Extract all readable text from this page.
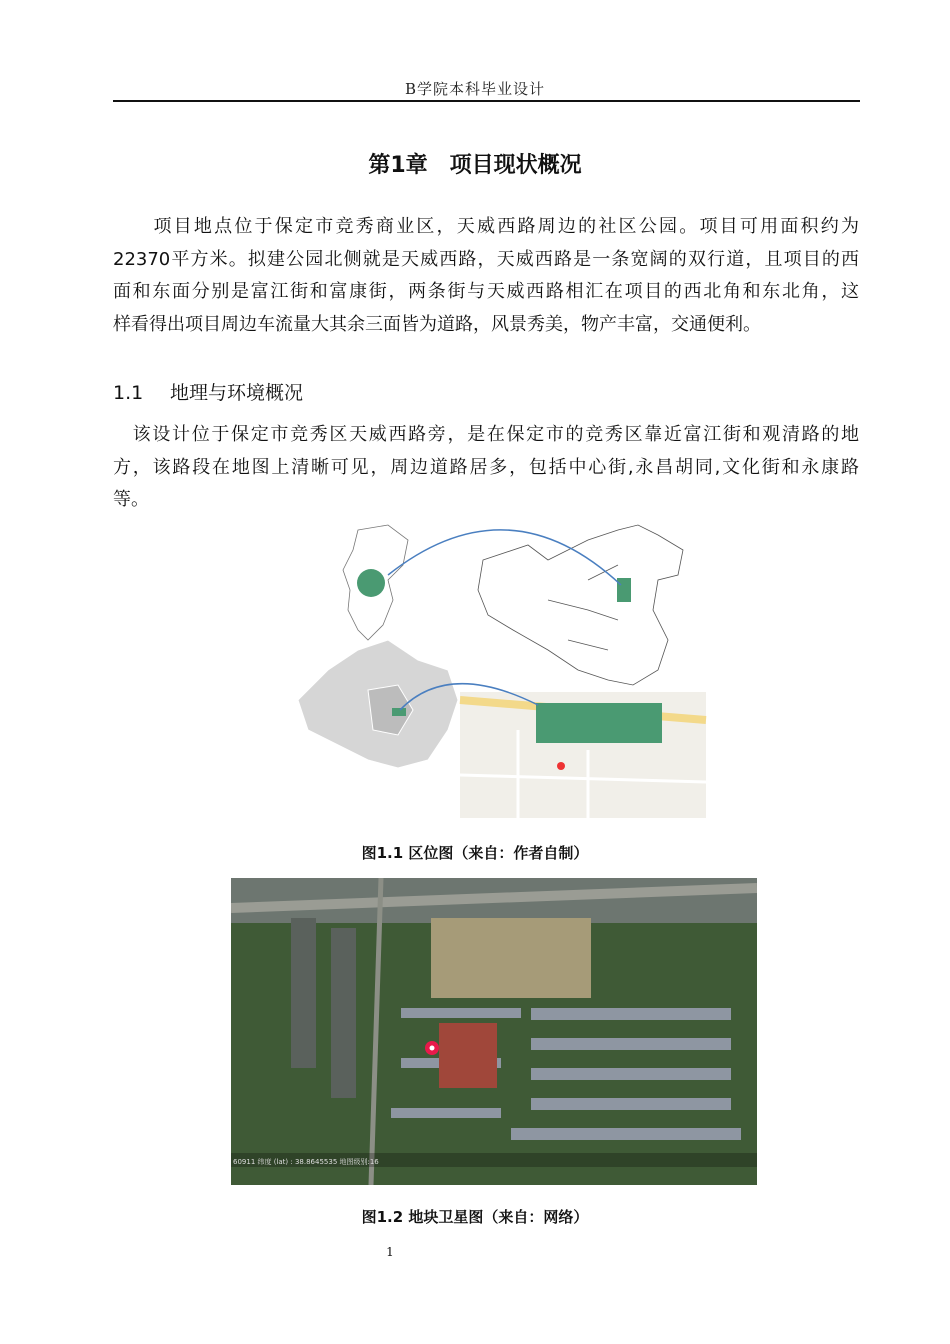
B学院本科毕业设计
第1章　项目现状概况
　　项目地点位于保定市竞秀商业区，天威西路周边的社区公园。项目可用面积约为
22370平方米。拟建公园北侧就是天威西路，天威西路是一条宽阔的双行道，且项目的西
面和东面分别是富江街和富康街，两条街与天威西路相汇在项目的西北角和东北角，这
样看得出项目周边车流量大其余三面皆为道路，风景秀美，物产丰富，交通便利。
1.1 地理与环境概况
　该设计位于保定市竞秀区天威西路旁，是在保定市的竞秀区靠近富江街和观清路的地
方，该路段在地图上清晰可见，周边道路居多，包括中心街,永昌胡同,文化街和永康路
等。
图1.1 区位图（来自：作者自制）
60911 纬度 (lat) : 38.8645535 地图级别:16
图1.2 地块卫星图（来自：网络）
1
